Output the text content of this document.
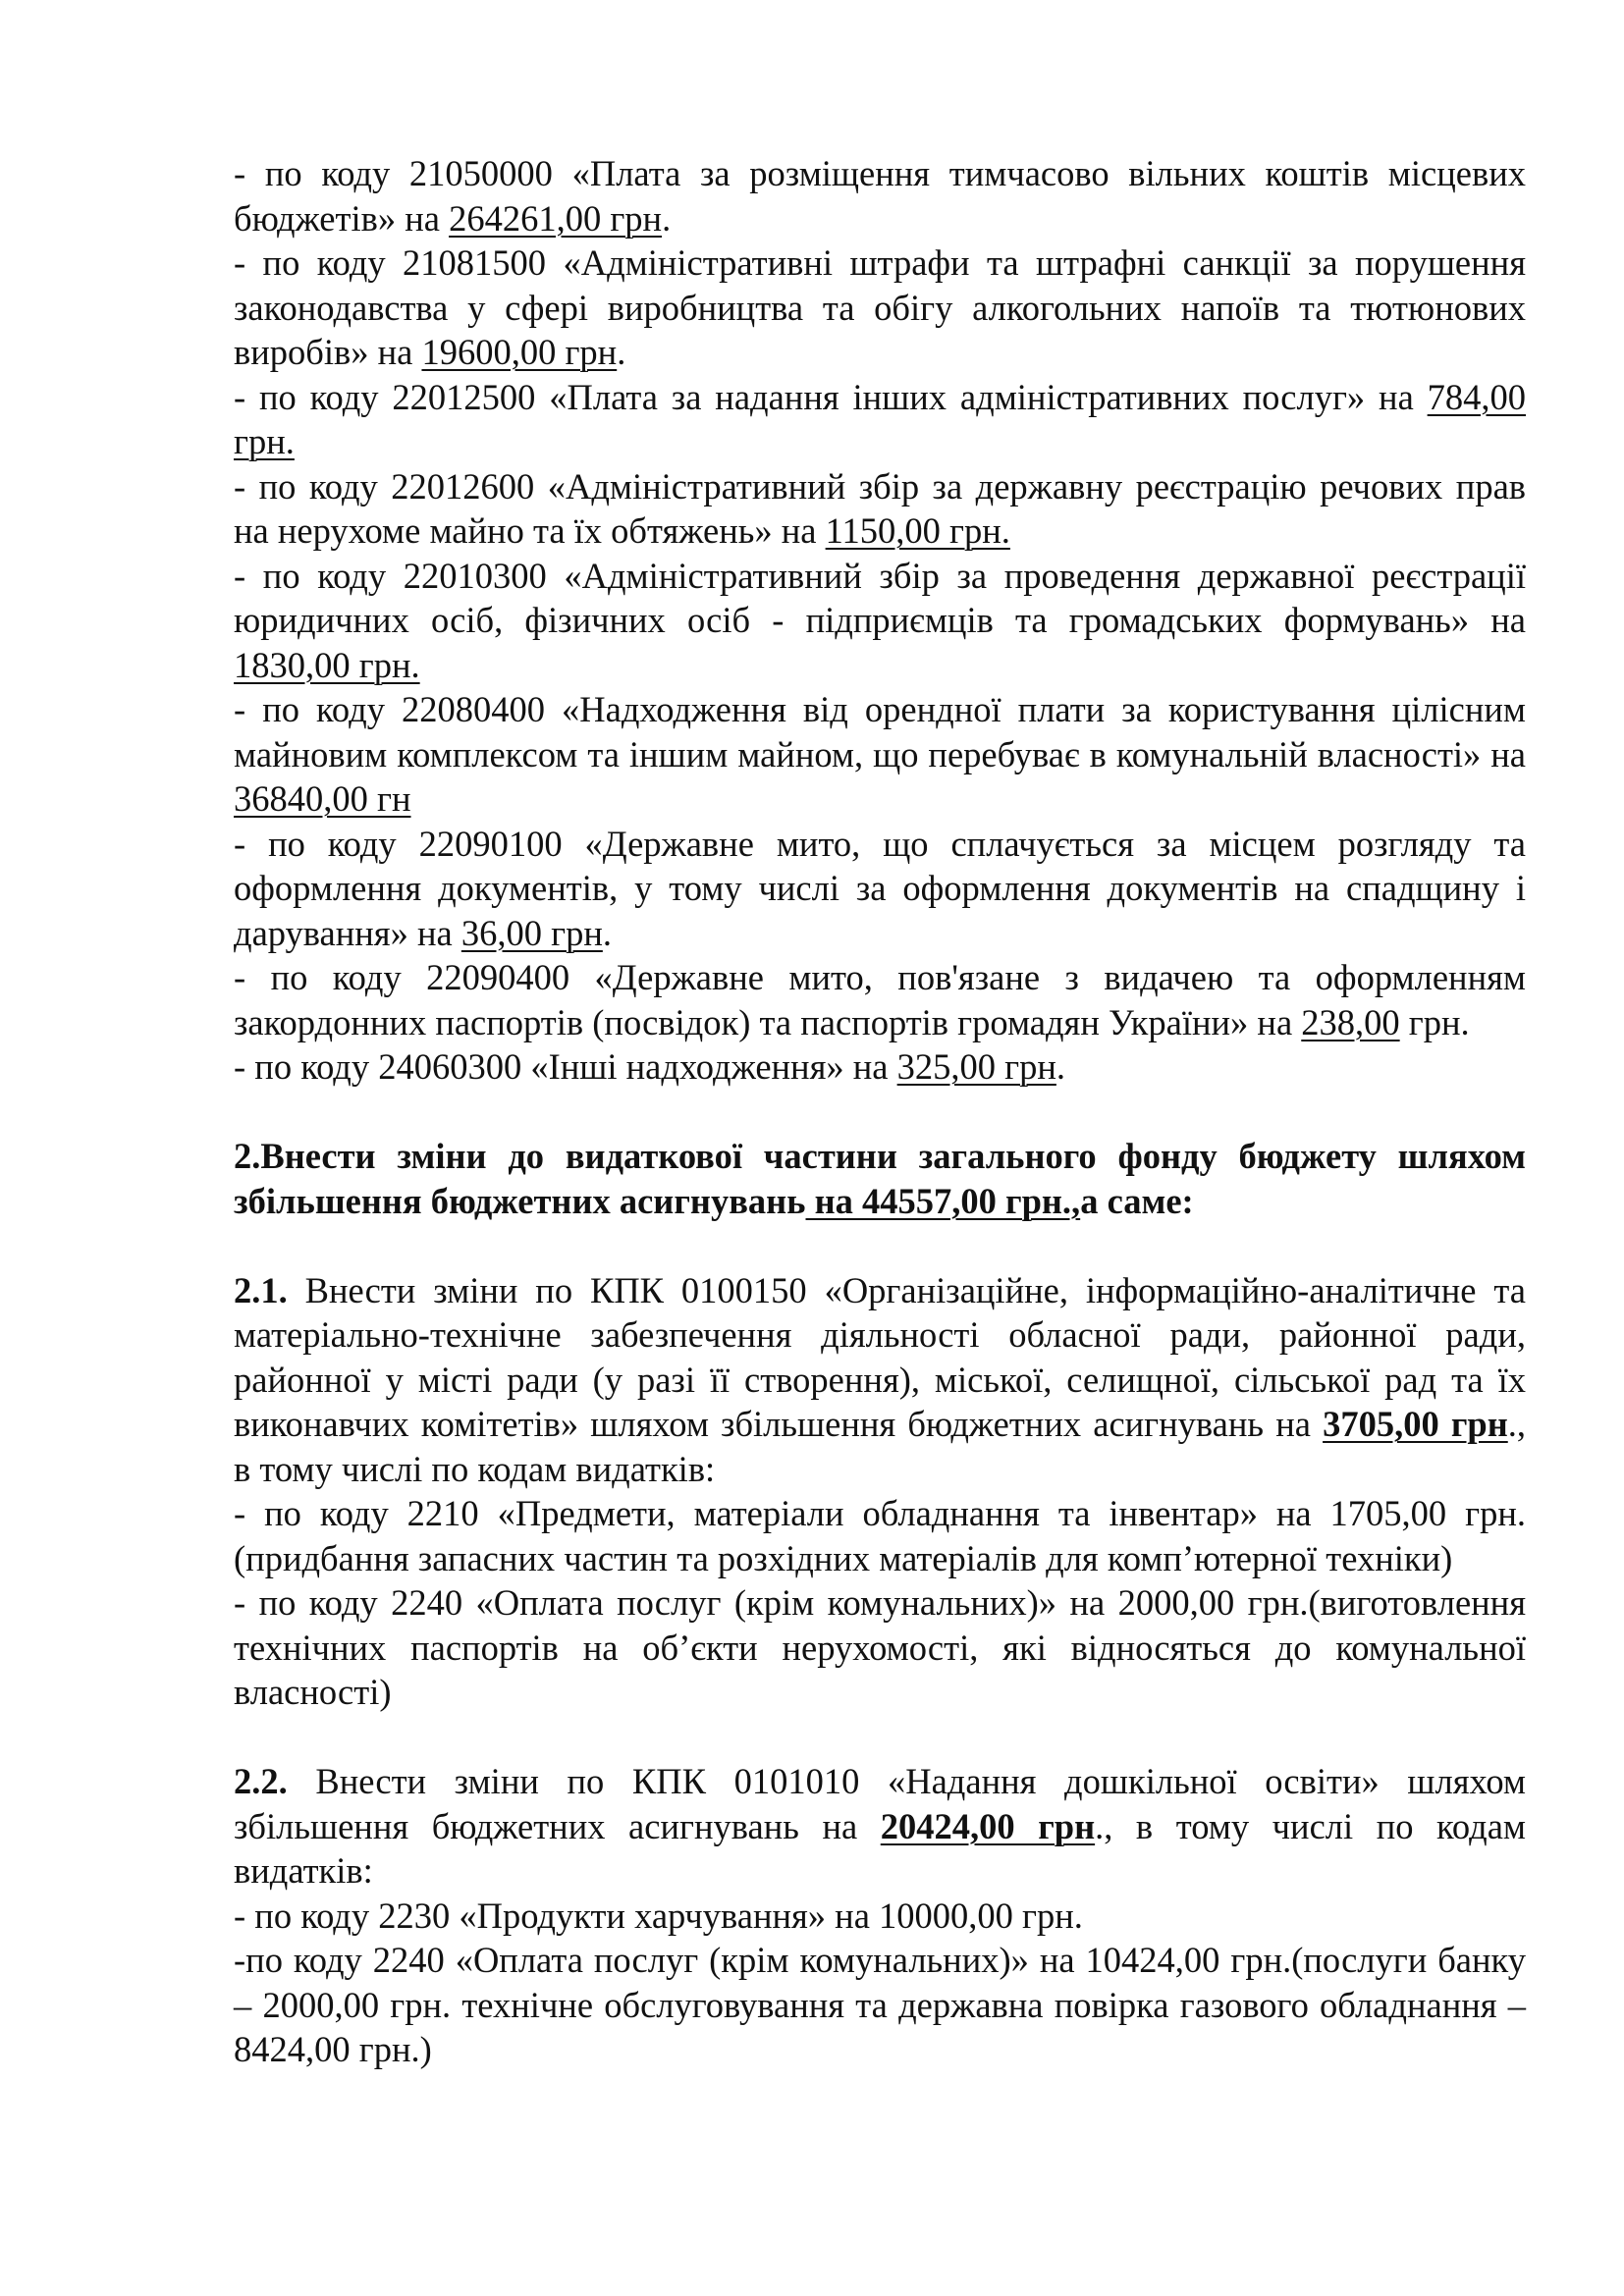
- по коду 21050000 «Плата за розміщення тимчасово вільних коштів місцевих бюджетів» на 264261,00 грн.

- по коду 21081500 «Адміністративні штрафи та штрафні санкції за порушення законодавства у сфері виробництва та обігу алкогольних напоїв та тютюнових виробів» на 19600,00 грн.

- по коду 22012500 «Плата за надання інших адміністративних послуг» на 784,00 грн.

- по коду 22012600 «Адміністративний збір за державну реєстрацію речових прав на нерухоме майно та їх обтяжень» на 1150,00 грн.

- по коду 22010300 «Адміністративний збір за проведення державної реєстрації юридичних осіб, фізичних осіб - підприємців та громадських формувань» на 1830,00 грн.

- по коду 22080400 «Надходження від орендної плати за користування цілісним майновим комплексом та іншим майном, що перебуває в комунальній власності» на 36840,00 гн

- по коду 22090100 «Державне мито, що сплачується за місцем розгляду та оформлення документів, у тому числі за оформлення документів на спадщину і дарування» на 36,00 грн.

- по коду 22090400 «Державне мито, пов'язане з видачею та оформленням закордонних паспортів (посвідок) та паспортів громадян України» на 238,00 грн.

- по коду 24060300 «Інші надходження» на 325,00 грн.

2.Внести зміни до видаткової частини загального фонду бюджету шляхом збільшення бюджетних асигнувань на 44557,00 грн.,а саме:

2.1. Внести зміни по КПК 0100150 «Організаційне, інформаційно-аналітичне та матеріально-технічне забезпечення діяльності обласної ради, районної ради, районної у місті ради (у разі її створення), міської, селищної, сільської рад та їх виконавчих комітетів» шляхом збільшення бюджетних асигнувань на 3705,00 грн., в тому числі по кодам видатків:

- по коду 2210 «Предмети, матеріали обладнання та інвентар» на 1705,00 грн.(придбання запасних частин та розхідних матеріалів для комп’ютерної техніки)

- по коду 2240 «Оплата послуг (крім комунальних)» на 2000,00 грн.(виготовлення технічних паспортів на об’єкти нерухомості, які відносяться до комунальної власності)

2.2. Внести зміни по КПК 0101010 «Надання дошкільної освіти» шляхом збільшення бюджетних асигнувань на 20424,00 грн., в тому числі по кодам видатків:

- по коду 2230 «Продукти харчування» на 10000,00 грн.

-по коду 2240 «Оплата послуг (крім комунальних)» на 10424,00 грн.(послуги банку – 2000,00 грн. технічне обслуговування та державна повірка газового обладнання – 8424,00 грн.)
